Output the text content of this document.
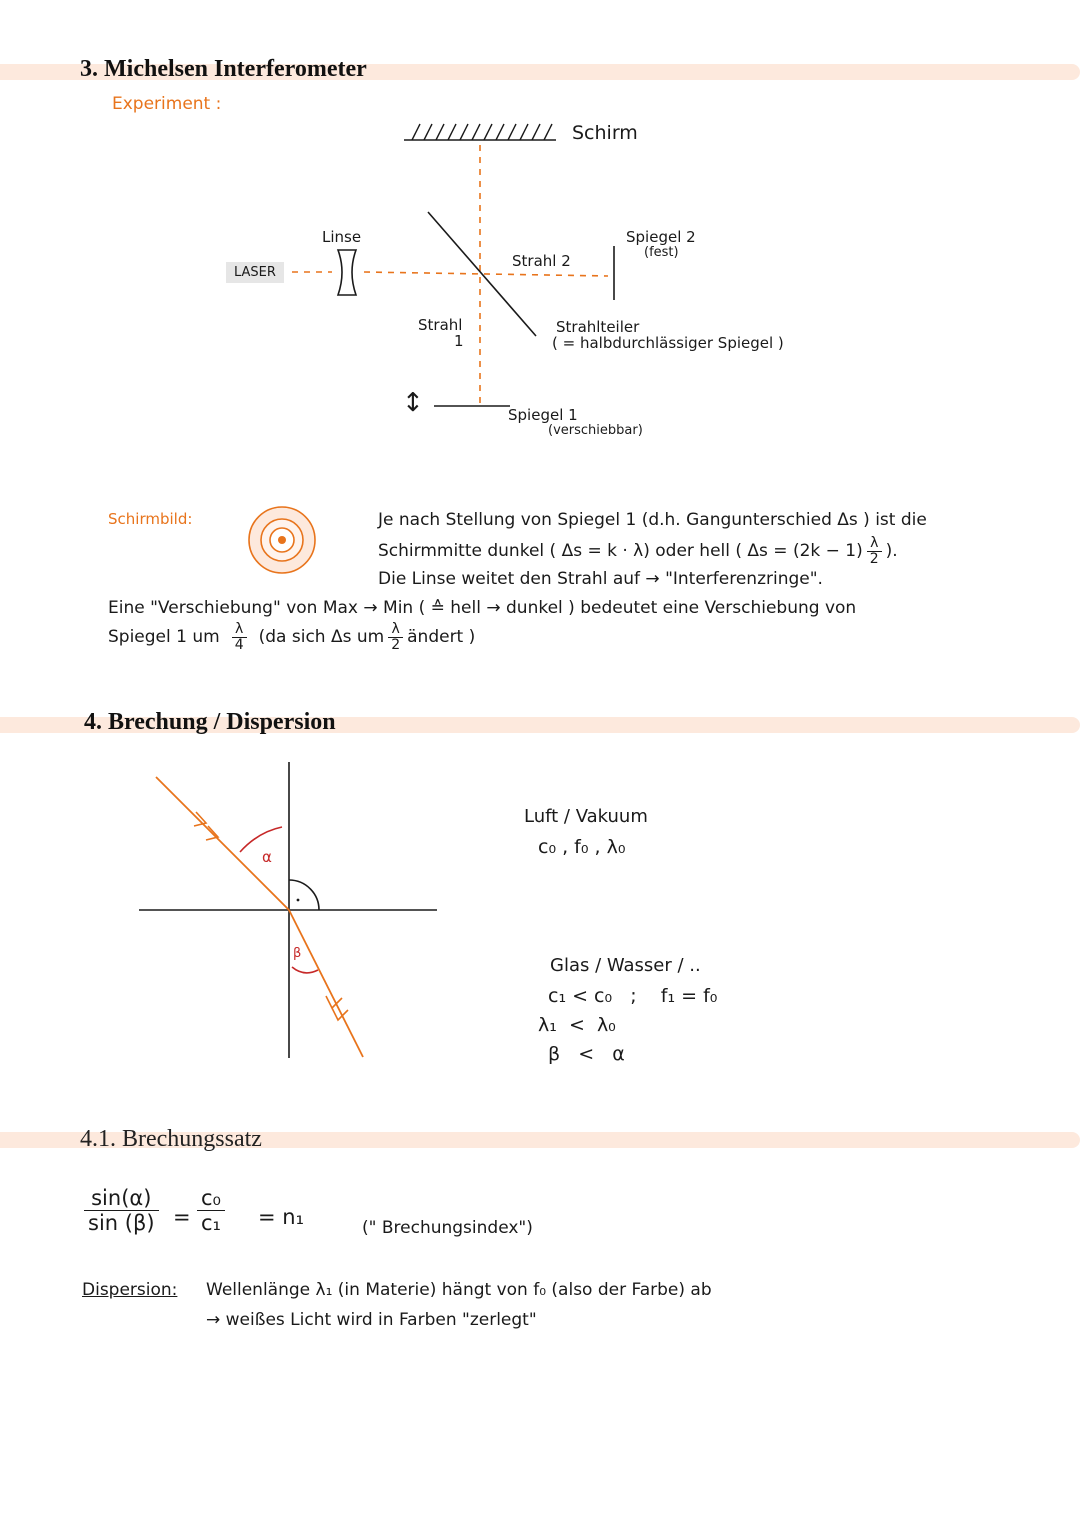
3. Michelsen Interferometer
Experiment :
Schirm
Linse
LASER
Strahl 2
Spiegel 2
(fest)
Strahl
1
Strahlteiler
( = halbdurchlässiger Spiegel )
↕	Spiegel 1
(verschiebbar)
Schirmbild:	Je nach Stellung von Spiegel 1 (d.h. Gangunterschied Δs ) ist die
Schirmmitte dunkel ( Δs = k · λ) oder hell ( $\Delta s = (2k - 1) \frac{\lambda}{2}$ ).
Die Linse weitet den Strahl auf → "Interferenzringe".
Eine "Verschiebung" von Max → Min ( ≙ hell → dunkel ) bedeutet eine Verschiebung von
Spiegel 1 um $\frac{\lambda}{4} (da$ sich Δs um $\frac{\lambda}{2}$ ändert )
4. Brechung / Dispersion
α
β
Luft / Vakuum
c₀ , f₀ , λ₀
Glas / Wasser / ..
c₁ < c₀   ;    f₁ = f₀
λ₁  <  λ₀
β   <   α
4.1. Brechungssatz
$\frac{\sin(\alpha)}{\sin (\beta)} = \frac{\text{c₀}}{\text{c₁}} = n_1$	(" Brechungsindex")
Dispersion: Wellenlänge λ₁ (in Materie) hängt von f₀ (also der Farbe) ab
→ weißes Licht wird in Farben "zerlegt"
